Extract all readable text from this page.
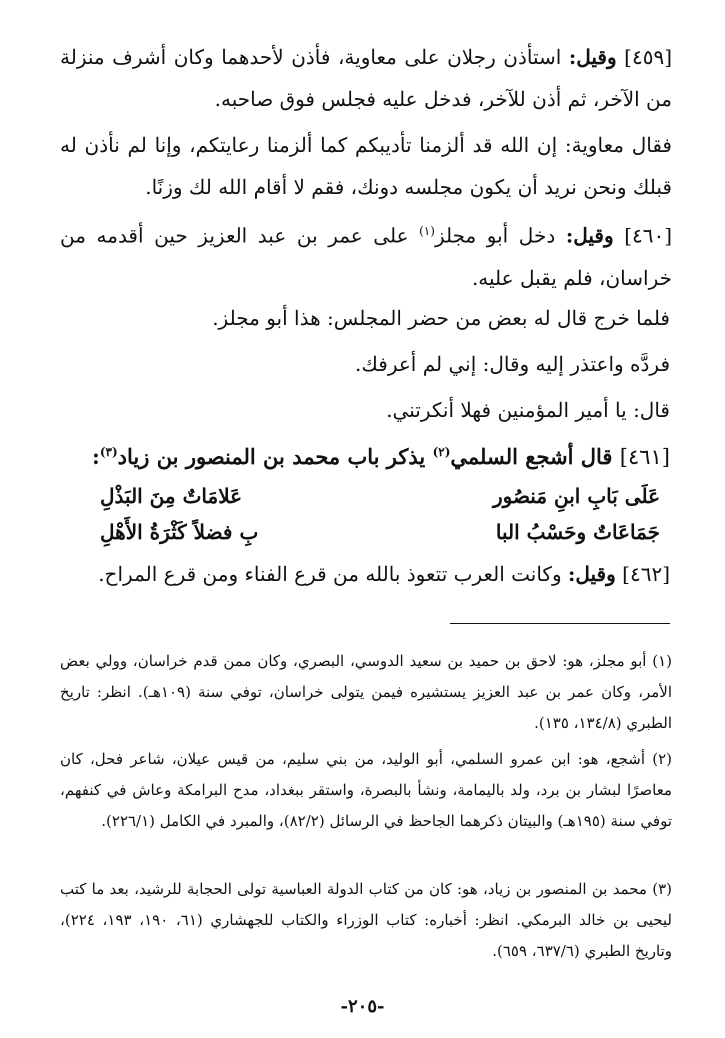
[٤٥٩] وقيل: استأذن رجلان على معاوية، فأذن لأحدهما وكان أشرف منزلة من الآخر، ثم أذن للآخر، فدخل عليه فجلس فوق صاحبه.

فقال معاوية: إن الله قد ألزمنا تأديبكم كما ألزمنا رعايتكم، وإنا لم نأذن له قبلك ونحن نريد أن يكون مجلسه دونك، فقم لا أقام الله لك وزنًا.

[٤٦٠] وقيل: دخل أبو مجلز$^{(١)}$ على عمر بن عبد العزيز حين أقدمه من خراسان، فلم يقبل عليه.

فلما خرج قال له بعض من حضر المجلس: هذا أبو مجلز.
فردَّه واعتذر إليه وقال: إني لم أعرفك.
قال: يا أمير المؤمنين فهلا أنكرتني.
[٤٦١] قال أشجع السلمي$^{(٢)}$ يذكر باب محمد بن المنصور بن زياد$^{(٣)}$:
عَلَى بَابِ ابنِ مَنصُور
عَلامَاتٌ مِنَ البَذْلِ
جَمَاعَاتٌ وحَسْبُ البا
بِ فضلاً كَثْرَةُ الأَهْلِ
[٤٦٢] وقيل: وكانت العرب تتعوذ بالله من قرع الفناء ومن قرع المراح.

(١) أبو مجلز، هو: لاحق بن حميد بن سعيد الدوسي، البصري، وكان ممن قدم خراسان، وولي بعض الأمر، وكان عمر بن عبد العزيز يستشيره فيمن يتولى خراسان، توفي سنة (١٠٩هـ). انظر: تاريخ الطبري (١٣٤/٨، ١٣٥).

(٢) أشجع، هو: ابن عمرو السلمي، أبو الوليد، من بني سليم، من قيس عيلان، شاعر فحل، كان معاصرًا لبشار بن برد، ولد باليمامة، ونشأ بالبصرة، واستقر ببغداد، مدح البرامكة وعاش في كنفهم، توفي سنة (١٩٥هـ) والبيتان ذكرهما الجاحظ في الرسائل (٨٢/٢)، والمبرد في الكامل (٢٢٦/١).

(٣) محمد بن المنصور بن زياد، هو: كان من كتاب الدولة العباسية تولى الحجابة للرشيد، بعد ما كتب ليحيى بن خالد البرمكي. انظر: أخباره: كتاب الوزراء والكتاب للجهشاري (٦١، ١٩٠، ١٩٣، ٢٢٤)، وتاريخ الطبري (٦٣٧/٦، ٦٥٩).

-٢٠٥-
